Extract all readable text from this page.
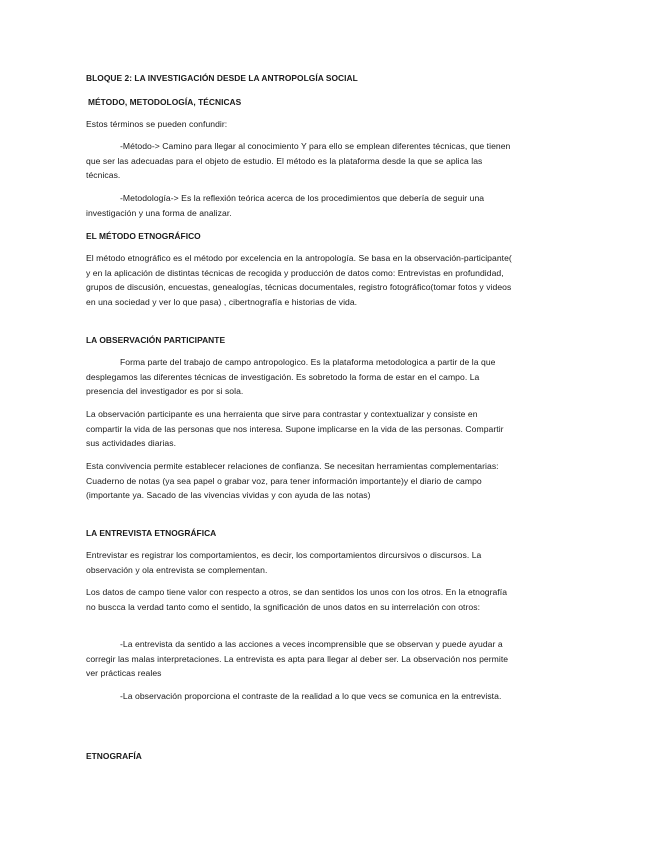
BLOQUE 2: LA INVESTIGACIÓN DESDE LA ANTROPOLGÍA SOCIAL

MÉTODO, METODOLOGÍA, TÉCNICAS

Estos términos se pueden confundir:

-Método-> Camino para llegar al conocimiento Y para ello se emplean diferentes técnicas, que tienen que ser las adecuadas para el objeto de estudio. El método es la plataforma desde la que se aplica las técnicas.

-Metodología-> Es la reflexión teórica acerca de los procedimientos que debería de seguir una investigación y una forma de analizar.

EL MÉTODO ETNOGRÁFICO

El método etnográfico es el método por excelencia en la antropología. Se basa en la observación-participante( y en la aplicación de distintas técnicas de recogida y producción de datos como: Entrevistas en profundidad, grupos de discusión, encuestas, genealogías, técnicas documentales, registro fotográfico(tomar fotos y videos en una sociedad y ver lo que pasa) , cibertnografía e historias de vida.

LA OBSERVACIÓN PARTICIPANTE

Forma parte del trabajo de campo antropologico. Es la plataforma metodologica a partir de la que desplegamos las diferentes técnicas de investigación. Es sobretodo la forma de estar en el campo. La presencia del investigador es por si sola.

La observación participante es una herraienta que sirve para contrastar y contextualizar y consiste en compartir la vida de las personas que nos interesa. Supone implicarse en la vida de las personas. Compartir sus actividades diarias.

Esta convivencia permite establecer relaciones de confianza. Se necesitan herramientas complementarias: Cuaderno de notas (ya sea papel o grabar voz, para tener información importante)y el diario de campo (importante ya. Sacado de las vivencias vividas y con ayuda de las notas)

LA ENTREVISTA ETNOGRÁFICA

Entrevistar es registrar los comportamientos, es decir, los comportamientos dircursivos o discursos. La observación y ola entrevista se complementan.

Los datos de campo tiene valor con respecto a otros, se dan sentidos los unos con los otros. En la etnografía no buscca la verdad tanto como el sentido, la sgnificación de unos datos en su interrelación con otros:

-La entrevista da sentido a las acciones a veces incomprensible que se observan y puede ayudar a corregir las malas interpretaciones. La entrevista es apta para llegar al deber ser. La observación nos permite ver prácticas reales

-La observación proporciona el contraste de la realidad a lo que vecs se comunica en la entrevista.

ETNOGRAFÍA
